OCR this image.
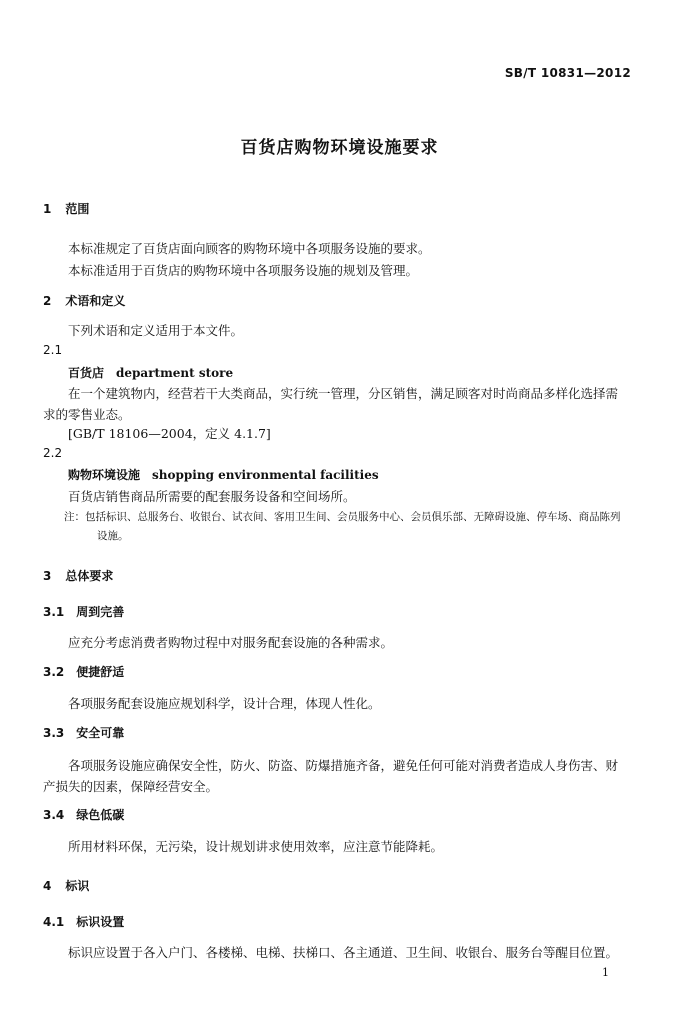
SB/T 10831—2012
百货店购物环境设施要求
1 范围
本标准规定了百货店面向顾客的购物环境中各项服务设施的要求。
本标准适用于百货店的购物环境中各项服务设施的规划及管理。
2 术语和定义
下列术语和定义适用于本文件。
2.1
百货店 department store
在一个建筑物内，经营若干大类商品，实行统一管理，分区销售，满足顾客对时尚商品多样化选择需
求的零售业态。
[GB/T 18106—2004，定义 4.1.7]
2.2
购物环境设施 shopping environmental facilities
百货店销售商品所需要的配套服务设备和空间场所。
注：包括标识、总服务台、收银台、试衣间、客用卫生间、会员服务中心、会员俱乐部、无障碍设施、停车场、商品陈列
设施。
3 总体要求
3.1 周到完善
应充分考虑消费者购物过程中对服务配套设施的各种需求。
3.2 便捷舒适
各项服务配套设施应规划科学，设计合理，体现人性化。
3.3 安全可靠
各项服务设施应确保安全性，防火、防盗、防爆措施齐备，避免任何可能对消费者造成人身伤害、财
产损失的因素，保障经营安全。
3.4 绿色低碳
所用材料环保，无污染，设计规划讲求使用效率，应注意节能降耗。
4 标识
4.1 标识设置
标识应设置于各入户门、各楼梯、电梯、扶梯口、各主通道、卫生间、收银台、服务台等醒目位置。
1
